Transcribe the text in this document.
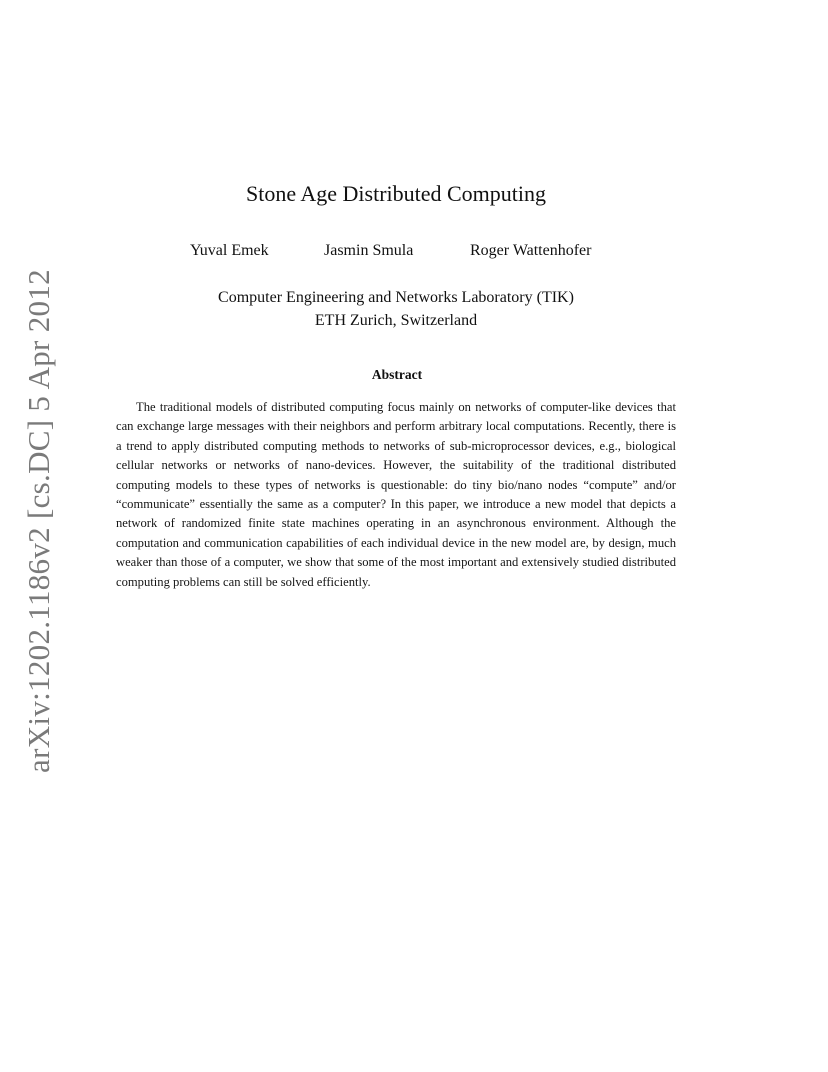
arXiv:1202.1186v2 [cs.DC] 5 Apr 2012
Stone Age Distributed Computing
Yuval Emek	Jasmin Smula	Roger Wattenhofer
Computer Engineering and Networks Laboratory (TIK)
ETH Zurich, Switzerland
Abstract

The traditional models of distributed computing focus mainly on networks of computer-like devices that can exchange large messages with their neighbors and perform arbitrary local computations. Recently, there is a trend to apply distributed computing methods to networks of sub-microprocessor devices, e.g., biological cellular networks or networks of nano-devices. However, the suitability of the traditional distributed computing models to these types of networks is questionable: do tiny bio/nano nodes “compute” and/or “communicate” essentially the same as a computer? In this paper, we introduce a new model that depicts a network of randomized finite state machines operating in an asynchronous environment. Although the computation and communication capabilities of each individual device in the new model are, by design, much weaker than those of a computer, we show that some of the most important and extensively studied distributed computing problems can still be solved efficiently.
